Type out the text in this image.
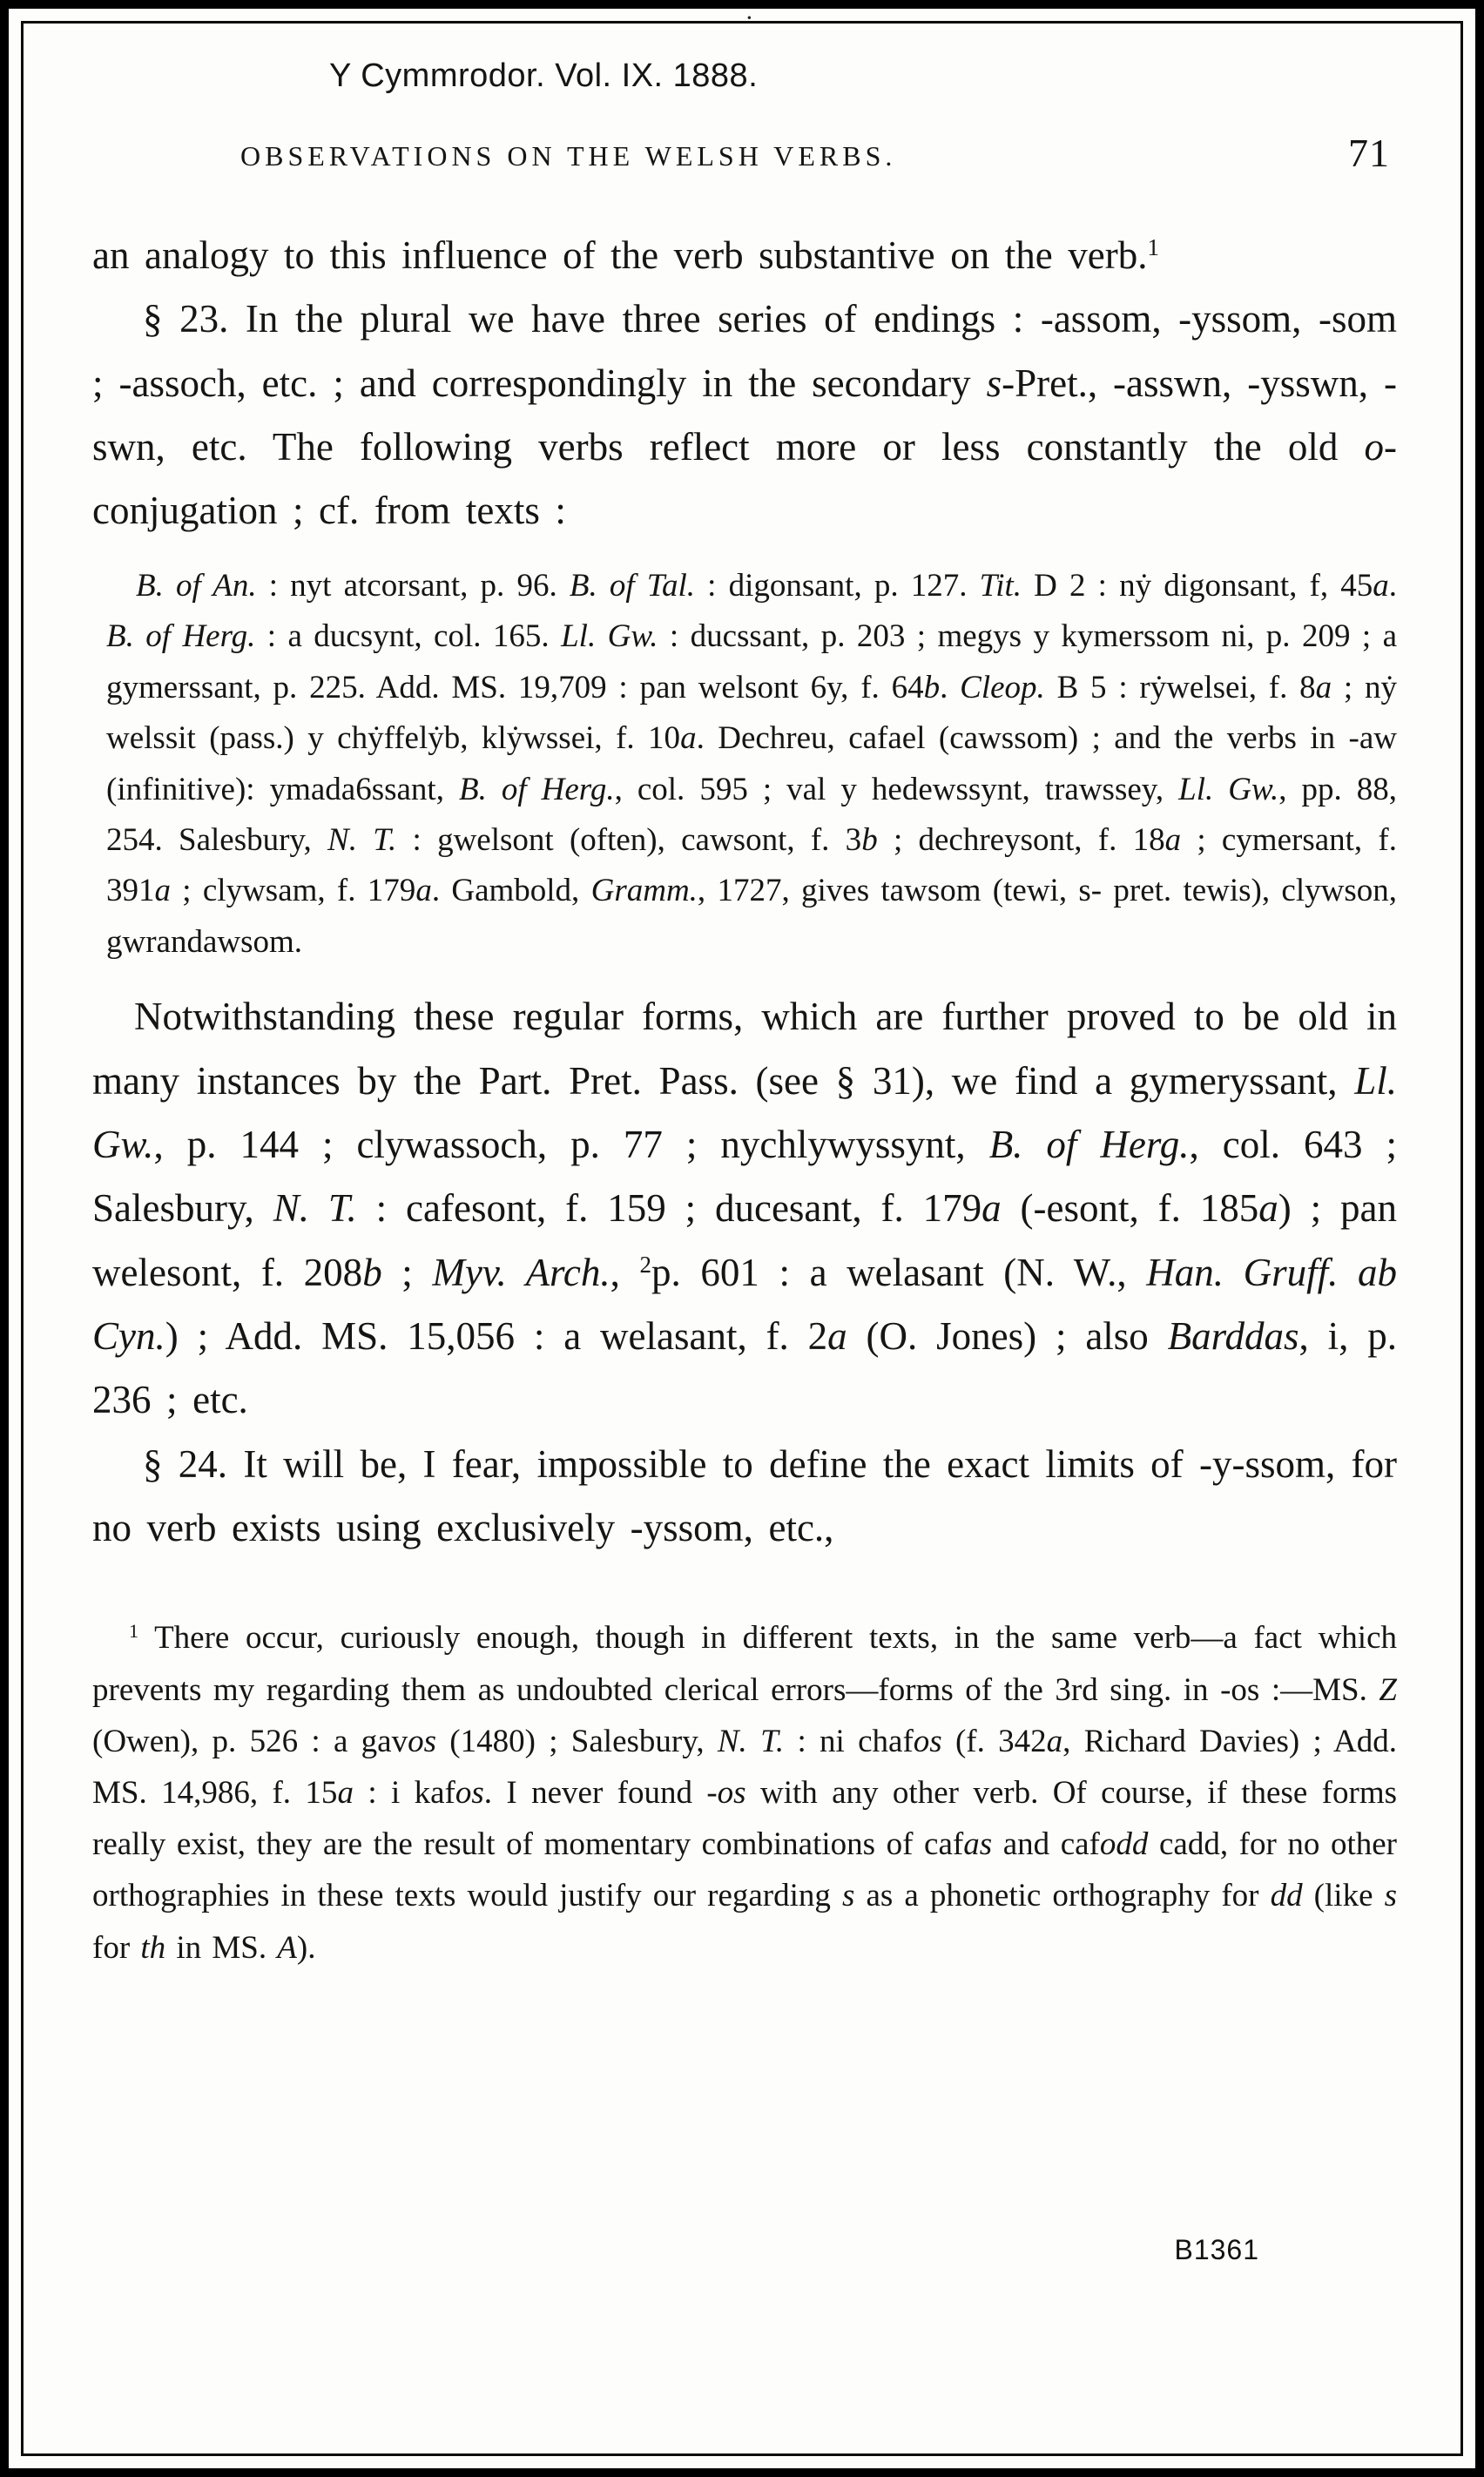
·
Y Cymmrodor. Vol. IX. 1888.
OBSERVATIONS ON THE WELSH VERBS.	71

an analogy to this influence of the verb substantive on the verb.$^1$

§ 23. In the plural we have three series of endings : -assom, -yssom, -som ; -assoch, etc. ; and correspondingly in the secondary s-Pret., -asswn, -ysswn, -swn, etc. The following verbs reflect more or less constantly the old o-conjugation ; cf. from texts :

B. of An. : nyt atcorsant, p. 96. B. of Tal. : digonsant, p. 127. Tit. D 2 : nẏ digonsant, f, 45a. B. of Herg. : a ducsynt, col. 165. Ll. Gw. : ducssant, p. 203 ; megys y kymerssom ni, p. 209 ; a gymerssant, p. 225. Add. MS. 19,709 : pan welsont 6y, f. 64b. Cleop. B 5 : rẏwelsei, f. 8a ; nẏ welssit (pass.) y chẏffelẏb, klẏwssei, f. 10a. Dechreu, cafael (cawssom) ; and the verbs in -aw (infinitive): ymada6ssant, B. of Herg., col. 595 ; val y hedewssynt, trawssey, Ll. Gw., pp. 88, 254. Salesbury, N. T. : gwelsont (often), cawsont, f. 3b ; dechreysont, f. 18a ; cymersant, f. 391a ; clywsam, f. 179a. Gambold, Gramm., 1727, gives tawsom (tewi, s- pret. tewis), clywson, gwrandawsom.

Notwithstanding these regular forms, which are further proved to be old in many instances by the Part. Pret. Pass. (see § 31), we find a gymeryssant, Ll. Gw., p. 144 ; clywassoch, p. 77 ; nychlywyssynt, B. of Herg., col. 643 ; Salesbury, N. T. : cafesont, f. 159 ; ducesant, f. 179a (-esont, f. 185a) ; pan welesont, f. 208b ; Myv. Arch., $^2$p. 601 : a welasant (N. W., Han. Gruff. ab Cyn.) ; Add. MS. 15,056 : a welasant, f. 2a (O. Jones) ; also Barddas, i, p. 236 ; etc.

§ 24. It will be, I fear, impossible to define the exact limits of -y-ssom, for no verb exists using exclusively -yssom, etc.,

$^1$ There occur, curiously enough, though in different texts, in the same verb—a fact which prevents my regarding them as undoubted clerical errors—forms of the 3rd sing. in -os :—MS. Z (Owen), p. 526 : a gavos (1480) ; Salesbury, N. T. : ni chafos (f. 342a, Richard Davies) ; Add. MS. 14,986, f. 15a : i kafos. I never found -os with any other verb. Of course, if these forms really exist, they are the result of momentary combinations of cafas and cafodd cadd, for no other orthographies in these texts would justify our regarding s as a phonetic orthography for dd (like s for th in MS. A).
B1361
